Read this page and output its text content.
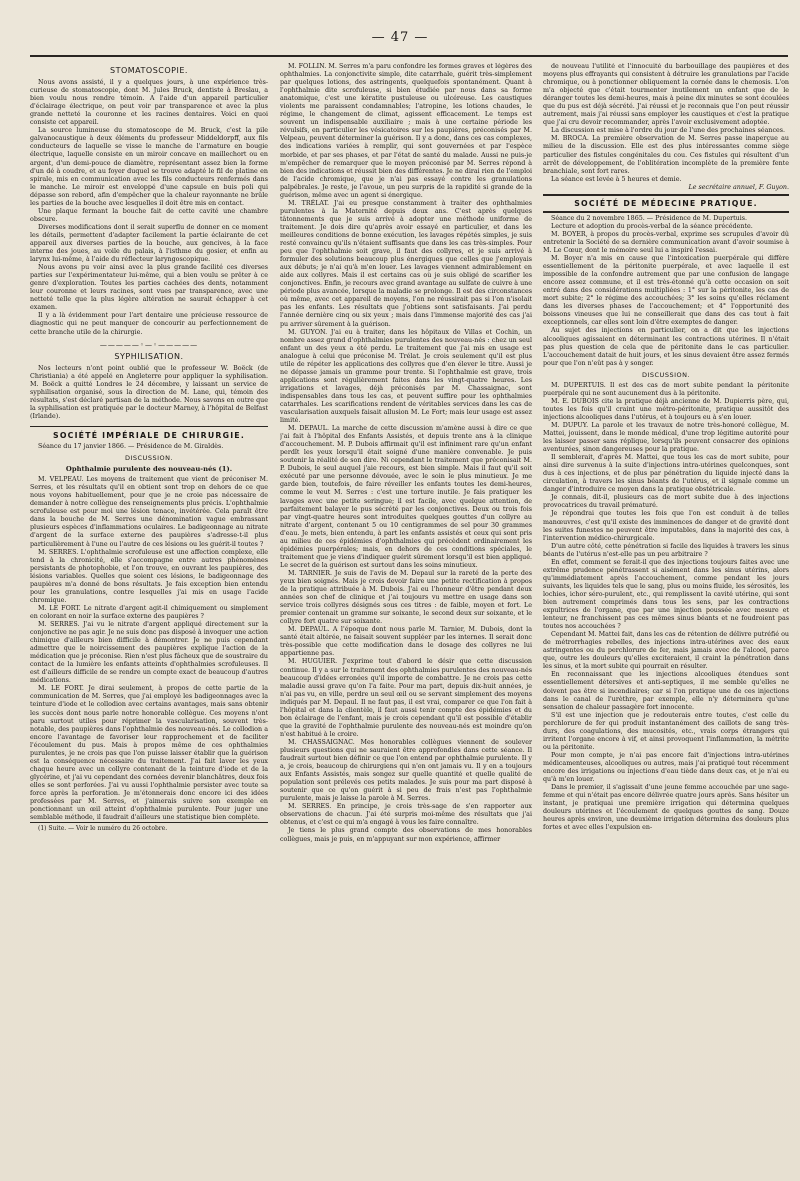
— 47 —
STOMATOSCOPIE.

Nous avons assisté, il y a quelques jours, à une expérience très-curieuse de stomatoscopie, dont M. Jules Bruck, dentiste à Breslau, a bien voulu nous rendre témoin. A l'aide d'un appareil particulier d'éclairage électrique, on peut voir par transparence et avec la plus grande netteté la couronne et les racines dentaires. Voici en quoi consiste cet appareil.

La source lumineuse du stomatoscope de M. Bruck, c'est la pile galvanocaustique à deux éléments du professeur Middeldorpff, aux fils conducteurs de laquelle se visse le manche de l'armature en bougie électrique, laquelle consiste en un miroir concave en maillechort ou en argent, d'un demi-pouce de diamètre, représentant assez bien la forme d'un dé à coudre, et au foyer duquel se trouve adapté le fil de platine en spirale, mis en communication avec les fils conducteurs renfermés dans le manche. Le miroir est enveloppé d'une capsule en buis poli qui dépasse son rebord, afin d'empêcher que la chaleur rayonnante ne brûle les parties de la bouche avec lesquelles il doit être mis en contact.

Une plaque fermant la bouche fait de cette cavité une chambre obscure.

Diverses modifications dont il serait superflu de donner en ce moment les détails, permettent d'adapter facilement la partie éclairante de cet appareil aux diverses parties de la bouche, aux gencives, à la face interne des joues, au voile du palais, à l'isthme du gosier, et enfin au larynx lui-même, à l'aide du réflecteur laryngoscopique.

Nous avons pu voir ainsi avec la plus grande facilité ces diverses parties sur l'expérimentateur lui-même, qui a bien voulu se prêter à ce genre d'exploration. Toutes les parties cachées des dents, notamment leur couronne et leurs racines, sont vues par transparence, avec une netteté telle que la plus légère altération ne saurait échapper à cet examen.

Il y a là évidemment pour l'art dentaire une précieuse ressource de diagnostic qui ne peut manquer de concourir au perfectionnement de cette branche utile de la chirurgie.

—————◦—◦—————
SYPHILISATION.

Nos lecteurs n'ont point oublié que le professeur W. Boëck (de Christiania) a été appelé en Angleterre pour appliquer la syphilisation. M. Boëck a quitté Londres le 24 décembre, y laissant un service de syphilisation organisé, sous la direction de M. Lane, qui, témoin des résultats, s'est déclaré partisan de la méthode. Nous savons en outre que la syphilisation est pratiquée par le docteur Marney, à l'hôpital de Belfast (Irlande).

SOCIÉTÉ IMPÉRIALE DE CHIRURGIE.

Séance du 17 janvier 1866. — Présidence de M. Giraldès.

DISCUSSION.
Ophthalmie purulente des nouveau-nés (1).

M. VELPEAU. Les moyens de traitement que vient de préconiser M. Serres, et les résultats qu'il en obtient sont trop en dehors de ce que nous voyons habituellement, pour que je ne croie pas nécessaire de demander à notre collègue des renseignements plus précis. L'ophthalmie scrofuleuse est pour moi une lésion tenace, invétérée. Cela paraît être dans la bouche de M. Serres une dénomination vague embrassant plusieurs espèces d'inflammations oculaires. Le badigeonnage au nitrate d'argent de la surface externe des paupières s'adresse-t-il plus particulièrement à l'une ou l'autre de ces lésions ou les guérit-il toutes ?

M. SERRES. L'ophthalmie scrofuleuse est une affection complexe, elle tend à la chronicité, elle s'accompagne entre autres phénomènes persistants de photophobie, et l'on trouve, en ouvrant les paupières, des lésions variables. Quelles que soient ces lésions, le badigeonnage des paupières m'a donné de bons résultats. Je fais exception bien entendu pour les granulations, contre lesquelles j'ai mis en usage l'acide chromique.

M. LE FORT. Le nitrate d'argent agit-il chimiquement ou simplement en colorant en noir la surface externe des paupières ?

M. SERRES. J'ai vu le nitrate d'argent appliqué directement sur la conjonctive ne pas agir. Je ne suis donc pas disposé à invoquer une action chimique d'ailleurs bien difficile à démontrer. Je ne puis cependant admettre que le noircissement des paupières explique l'action de la médication que je préconise. Rien n'est plus fâcheux que de soustraire du contact de la lumière les enfants atteints d'ophthalmies scrofuleuses. Il est d'ailleurs difficile de se rendre un compte exact de beaucoup d'autres médications.

M. LE FORT. Je dirai seulement, à propos de cette partie de la communication de M. Serres, que j'ai employé les badigeonnages avec la teinture d'iode et le collodion avec certains avantages, mais sans obtenir les succès dont nous parle notre honorable collègue. Ces moyens n'ont paru surtout utiles pour réprimer la vascularisation, souvent très-notable, des paupières dans l'ophthalmie des nouveau-nés. Le collodion a encore l'avantage de favoriser leur rapprochement et de faciliter l'écoulement du pus. Mais à propos même de ces ophthalmies purulentes, je ne crois pas que l'on puisse laisser établir que la guérison est la conséquence nécessaire du traitement. J'ai fait laver les yeux chaque heure avec un collyre contenant de la teinture d'iode et de la glycérine, et j'ai vu cependant des cornées devenir blanchâtres, deux fois elles se sont perforées. J'ai vu aussi l'ophthalmie persister avec toute sa force après la perforation. Je m'étonnerais donc encore ici des idées professées par M. Serres, et j'aimerais suivre son exemple en ponctionnant un œil atteint d'ophthalmie purulente. Pour juger une semblable méthode, il faudrait d'ailleurs une statistique bien complète.

(1) Suite. — Voir le numéro du 26 octobre.

M. FOLLIN. M. Serres m'a paru confondre les formes graves et légères des ophthalmies. La conjonctivite simple, dite catarrhale, guérit très-simplement par quelques lotions, des astringents, quelquefois spontanément. Quant à l'ophthalmie dite scrofuleuse, si bien étudiée par nous dans sa forme anatomique, c'est une kératite pustuleuse ou ulcéreuse. Les caustiques violents me paraissent condamnables; l'atropine, les lotions chaudes, le régime, le changement de climat, agissent efficacement. Le temps est souvent un indispensable auxiliaire ; mais à une certaine période les révulsifs, en particulier les vésicatoires sur les paupières, préconisés par M. Velpeau, peuvent déterminer la guérison. Il y a donc, dans ces cas complexes, des indications variées à remplir, qui sont gouvernées et par l'espèce morbide, et par ses phases, et par l'état de santé du malade. Aussi ne puis-je m'empêcher de remarquer que le moyen préconisé par M. Serres répond à bien des indications et réussit bien des différentes. Je ne dirai rien de l'emploi de l'acide chromique, que je n'ai pas essayé contre les granulations palpébrales. Je reste, je l'avoue, un peu surpris de la rapidité si grande de la guérison, même avec un agent si énergique.

M. TRÉLAT. J'ai eu presque constamment à traiter des ophthalmies purulentes à la Maternité depuis deux ans. C'est après quelques tâtonnements que je suis arrivé à adopter une méthode uniforme de traitement. Je dois dire qu'après avoir essayé en particulier, et dans les meilleures conditions de bonne exécution, les lavages répétés simples, je suis resté convaincu qu'ils n'étaient suffisants que dans les cas très-simples. Pour peu que l'ophthalmie soit grave, il faut des collyres, et je suis arrivé à formuler des solutions beaucoup plus énergiques que celles que j'employais aux débuts; je n'ai qu'à m'en louer. Les lavages viennent admirablement en aide aux collyres. Mais il est certains cas où je suis obligé de scarifier les conjonctives. Enfin, je recours avec grand avantage au sulfate de cuivre à une période plus avancée, lorsque la maladie se prolonge. Il est des circonstances où même, avec cet appareil de moyens, l'on ne réussirait pas si l'on n'isolait pas les enfants. Les résultats que j'obtiens sont satisfaisants. J'ai perdu l'année dernière cinq ou six yeux ; mais dans l'immense majorité des cas j'ai pu arriver sûrement à la guérison.

M. GUYON. J'ai eu à traiter, dans les hôpitaux de Villas et Cochin, un nombre assez grand d'ophthalmies purulentes des nouveau-nés : chez un seul enfant un des yeux a été perdu. Le traitement que j'ai mis en usage est analogue à celui que préconise M. Trélat. Je crois seulement qu'il est plus utile de répéter les applications des collyres que d'en élever le titre. Aussi je ne dépasse jamais un gramme pour trente. Si l'ophthalmie est grave, trois applications sont régulièrement faites dans les vingt-quatre heures. Les irrigations et lavages, déjà préconisés par M. Chassaignac, sont indispensables dans tous les cas, et peuvent suffire pour les ophthalmies catarrhales. Les scarifications rendent de véritables services dans les cas de vascularisation auxquels faisait allusion M. Le Fort; mais leur usage est assez limité.

M. DEPAUL. La marche de cette discussion m'amène aussi à dire ce que j'ai fait à l'hôpital des Enfants Assistés, et depuis trente ans à la clinique d'accouchement. M. P. Dubois affirmait qu'il est infiniment rare qu'un enfant perdît les yeux lorsqu'il était soigné d'une manière convenable. Je puis soutenir la réalité de son dire. Ni cependant le traitement que préconisait M. P. Dubois, le seul auquel j'aie recours, est bien simple. Mais il faut qu'il soit exécuté par une personne dévouée, avec le soin le plus minutieux. Je me garde bien, toutefois, de faire réveiller les enfants toutes les demi-heures, comme le veut M. Serres : c'est une torture inutile. Je fais pratiquer les lavages avec une petite seringue; il est facile, avec quelque attention, de parfaitement balayer le pus sécrété par les conjonctives. Deux ou trois fois par vingt-quatre heures sont introduites quelques gouttes d'un collyre au nitrate d'argent, contenant 5 ou 10 centigrammes de sel pour 30 grammes d'eau. Je mets, bien entendu, à part les enfants assistés et ceux qui sont pris au milieu de ces épidémies d'ophthalmies qui précèdent ordinairement les épidémies puerpérales; mais, en dehors de ces conditions spéciales, le traitement que je viens d'indiquer guérit sûrement lorsqu'il est bien appliqué. Le secret de la guérison est surtout dans les soins minutieux.

M. TARNIER. Je suis de l'avis de M. Depaul sur la rareté de la perte des yeux bien soignés. Mais je crois devoir faire une petite rectification à propos de la pratique attribuée à M. Dubois. J'ai eu l'honneur d'être pendant deux années son chef de clinique et j'ai toujours vu mettre en usage dans son service trois collyres désignés sous ces titres : de faible, moyen et fort. Le premier contenait un gramme sur soixante, le second deux sur soixante, et le collyre fort quatre sur soixante.

M. DEPAUL. A l'époque dont nous parle M. Tarnier, M. Dubois, dont la santé était altérée, ne faisait souvent suppléer par les internes. Il serait donc très-possible que cette modification dans le dosage des collyres ne lui appartienne pas.

M. HUGUIER. J'exprime tout d'abord le désir que cette discussion continue. Il y a sur le traitement des ophthalmies purulentes des nouveau-nés beaucoup d'idées erronées qu'il importe de combattre. Je ne crois pas cette maladie aussi grave qu'on l'a faite. Pour ma part, depuis dix-huit années, je n'ai pas vu, en ville, perdre un seul œil ou se servant simplement des moyens indiqués par M. Depaul. Il ne faut pas, il est vrai, comparer ce que l'on fait à l'hôpital et dans la clientèle, il faut aussi tenir compte des épidémies et du bon éclairage de l'enfant, mais je crois cependant qu'il est possible d'établir que la gravité de l'ophthalmie purulente des nouveau-nés est moindre qu'on n'est habitué à le croire.

M. CHASSAIGNAC. Mes honorables collègues viennent de soulever plusieurs questions qui ne sauraient être approfondies dans cette séance. Il faudrait surtout bien définir ce que l'on entend par ophthalmie purulente. Il y a, je crois, beaucoup de chirurgiens qui n'en ont jamais vu. Il y en a toujours aux Enfants Assistés, mais songez sur quelle quantité et quelle qualité de population sont prélevés ces petits malades. Je suis pour ma part disposé à soutenir que ce qu'on guérit à si peu de frais n'est pas l'ophthalmie purulente, mais je laisse la parole à M. Serres.

M. SERRES. En principe, je crois très-sage de s'en rapporter aux observations de chacun. J'ai été surpris moi-même des résultats que j'ai obtenus, et c'est ce qui m'a engagé à vous les faire connaître.

Je tiens le plus grand compte des observations de mes honorables collègues, mais je puis, en m'appuyant sur mon expérience, affirmer

de nouveau l'utilité et l'innocuité du barbouillage des paupières et des moyens plus effrayants qui consistent à détruire les granulations par l'acide chromique, ou à ponctionner obliquement la cornée dans le chemosis. L'on m'a objecté que c'était tourmenter inutilement un enfant que de le déranger toutes les demi-heures, mais à peine dix minutes se sont écoulées que du pus est déjà sécrété. J'ai réussi et je reconnais que l'on peut réussir autrement, mais j'ai réussi sans employer les caustiques et c'est la pratique que j'ai cru devoir recommander, après l'avoir exclusivement adoptée.

La discussion est mise à l'ordre du jour de l'une des prochaines séances.

M. BROCA. La première observation de M. Serres passe inaperçue au milieu de la discussion. Elle est des plus intéressantes comme siège particulier des fistules congénitales du cou. Ces fistules qui résultent d'un arrêt de développement, de l'oblitération incomplète de la première fente branchiale, sont fort rares.

La séance est levée à 5 heures et demie.

Le secrétaire annuel, F. Guyon.

SOCIÉTÉ DE MÉDECINE PRATIQUE.

Séance du 2 novembre 1865. — Présidence de M. Dupertuis.

Lecture et adoption du procès-verbal de la séance précédente.

M. BOYER, à propos du procès-verbal, exprime ses scrupules d'avoir dû entretenir la Société de sa dernière communication avant d'avoir soumise à M. Le Cœur, dont le mémoire seul lui a inspiré l'essai.

M. Boyer n'a mis en cause que l'intoxication puerpérale qui diffère essentiellement de la péritonite puerpérale, et avec laquelle il est impossible de la confondre autrement que par une confusion de langage encore assez commune, et il est très-étonné qu'à cette occasion on soit entré dans des considérations multipliées : 1° sur la péritonite, les cas de mort subite; 2° le régime des accouchées; 3° les soins qu'elles réclament dans les diverses phases de l'accouchement; et 4° l'opportunité des boissons vineuses que lui ne conseillerait que dans des cas tout à fait exceptionnels, car elles sont loin d'être exemptes de danger.

Au sujet des injections en particulier, on a dit que les injections alcooliques agissaient en déterminant les contractions utérines. Il n'était pas plus question de cela que de péritonite dans le cas particulier. L'accouchement datait de huit jours, et les sinus devaient être assez fermés pour que l'on n'eût pas à y songer.

DISCUSSION.

M. DUPERTUIS. Il est des cas de mort subite pendant la péritonite puerpérale qui ne sont aucunement dus à la péritonite.

M. E. DUBOIS cite la pratique déjà ancienne de M. Dupierris père, qui, toutes les fois qu'il craint une métro-péritonite, pratique aussitôt des injections alcooliques dans l'utérus, et à toujours eu à s'en louer.

M. DUPUY. La parole et les travaux de notre très-honoré collègue, M. Mattei, jouissent, dans le monde médical, d'une trop légitime autorité pour les laisser passer sans réplique, lorsqu'ils peuvent consacrer des opinions aventurées, sinon dangereuses pour la pratique.

Il semblerait, d'après M. Mattei, que tous les cas de mort subite, pour ainsi dire survenus à la suite d'injections intra-utérines quelconques, sont dus à ces injections, et de plus par pénétration du liquide injecté dans la circulation, à travers les sinus béants de l'utérus, et il signale comme un danger d'introduire ce moyen dans la pratique obstétricale.

Je connais, dit-il, plusieurs cas de mort subite due à des injections provocatrices du travail prématuré.

Je répondrai que toutes les fois que l'on est conduit à de telles manœuvres, c'est qu'il existe des imminences de danger et de gravité dont les suites funestes ne peuvent être imputables, dans la majorité des cas, à l'intervention médico-chirurgicale.

D'un autre côté, cette pénétration si facile des liquides à travers les sinus béants de l'utérus n'est-elle pas un peu arbitraire ?

En effet, comment se ferait-il que des injections toujours faites avec une extrême prudence pénétrassent si aisément dans les sinus utérins, alors qu'immédiatement après l'accouchement, comme pendant les jours suivants, les liquides tels que le sang, plus ou moins fluide, les sérosités, les lochies, ichor séro-purulent, etc., qui remplissent la cavité utérine, qui sont bien autrement comprimés dans tous les sens, par les contractions expultrices de l'organe, que par une injection poussée avec mesure et lenteur, ne franchissent pas ces mêmes sinus béants et ne foudroient pas toutes nos accouchées ?

Cependant M. Mattei fait, dans les cas de rétention de délivre putréfié ou de métrorrhagies rebelles, des injections intra-utérines avec des eaux astringentes ou du perchlorure de fer, mais jamais avec de l'alcool, parce que, outre les douleurs qu'elles exciteraient, il craint la pénétration dans les sinus, et la mort subite qui pourrait en résulter.

En reconnaissant que les injections alcooliques étendues sont essentiellement détersives et anti-septiques, il me semble qu'elles ne doivent pas être si incendiaires; car si l'on pratique une de ces injections dans le canal de l'urèthre, par exemple, elle n'y déterminera qu'une sensation de chaleur passagère fort innocente.

S'il est une injection que je redouterais entre toutes, c'est celle du perchlorure de fer qui produit instantanément des caillots de sang très-durs, des coagulations, des mucosités, etc., vrais corps étrangers qui irritent l'organe encore à vif, et ainsi provoquent l'inflammation, la métrite ou la péritonite.

Pour mon compte, je n'ai pas encore fait d'injections intra-utérines médicamenteuses, alcooliques ou autres, mais j'ai pratiqué tout récemment encore des irrigations ou injections d'eau tiède dans deux cas, et je n'ai eu qu'à m'en louer.

Dans le premier, il s'agissait d'une jeune femme accouchée par une sage-femme et qui n'était pas encore délivrée quatre jours après. Sans hésiter un instant, je pratiquai une première irrigation qui détermina quelques douleurs utérines et l'écoulement de quelques gouttes de sang. Douze heures après environ, une deuxième irrigation détermina des douleurs plus fortes et avec elles l'expulsion en-
